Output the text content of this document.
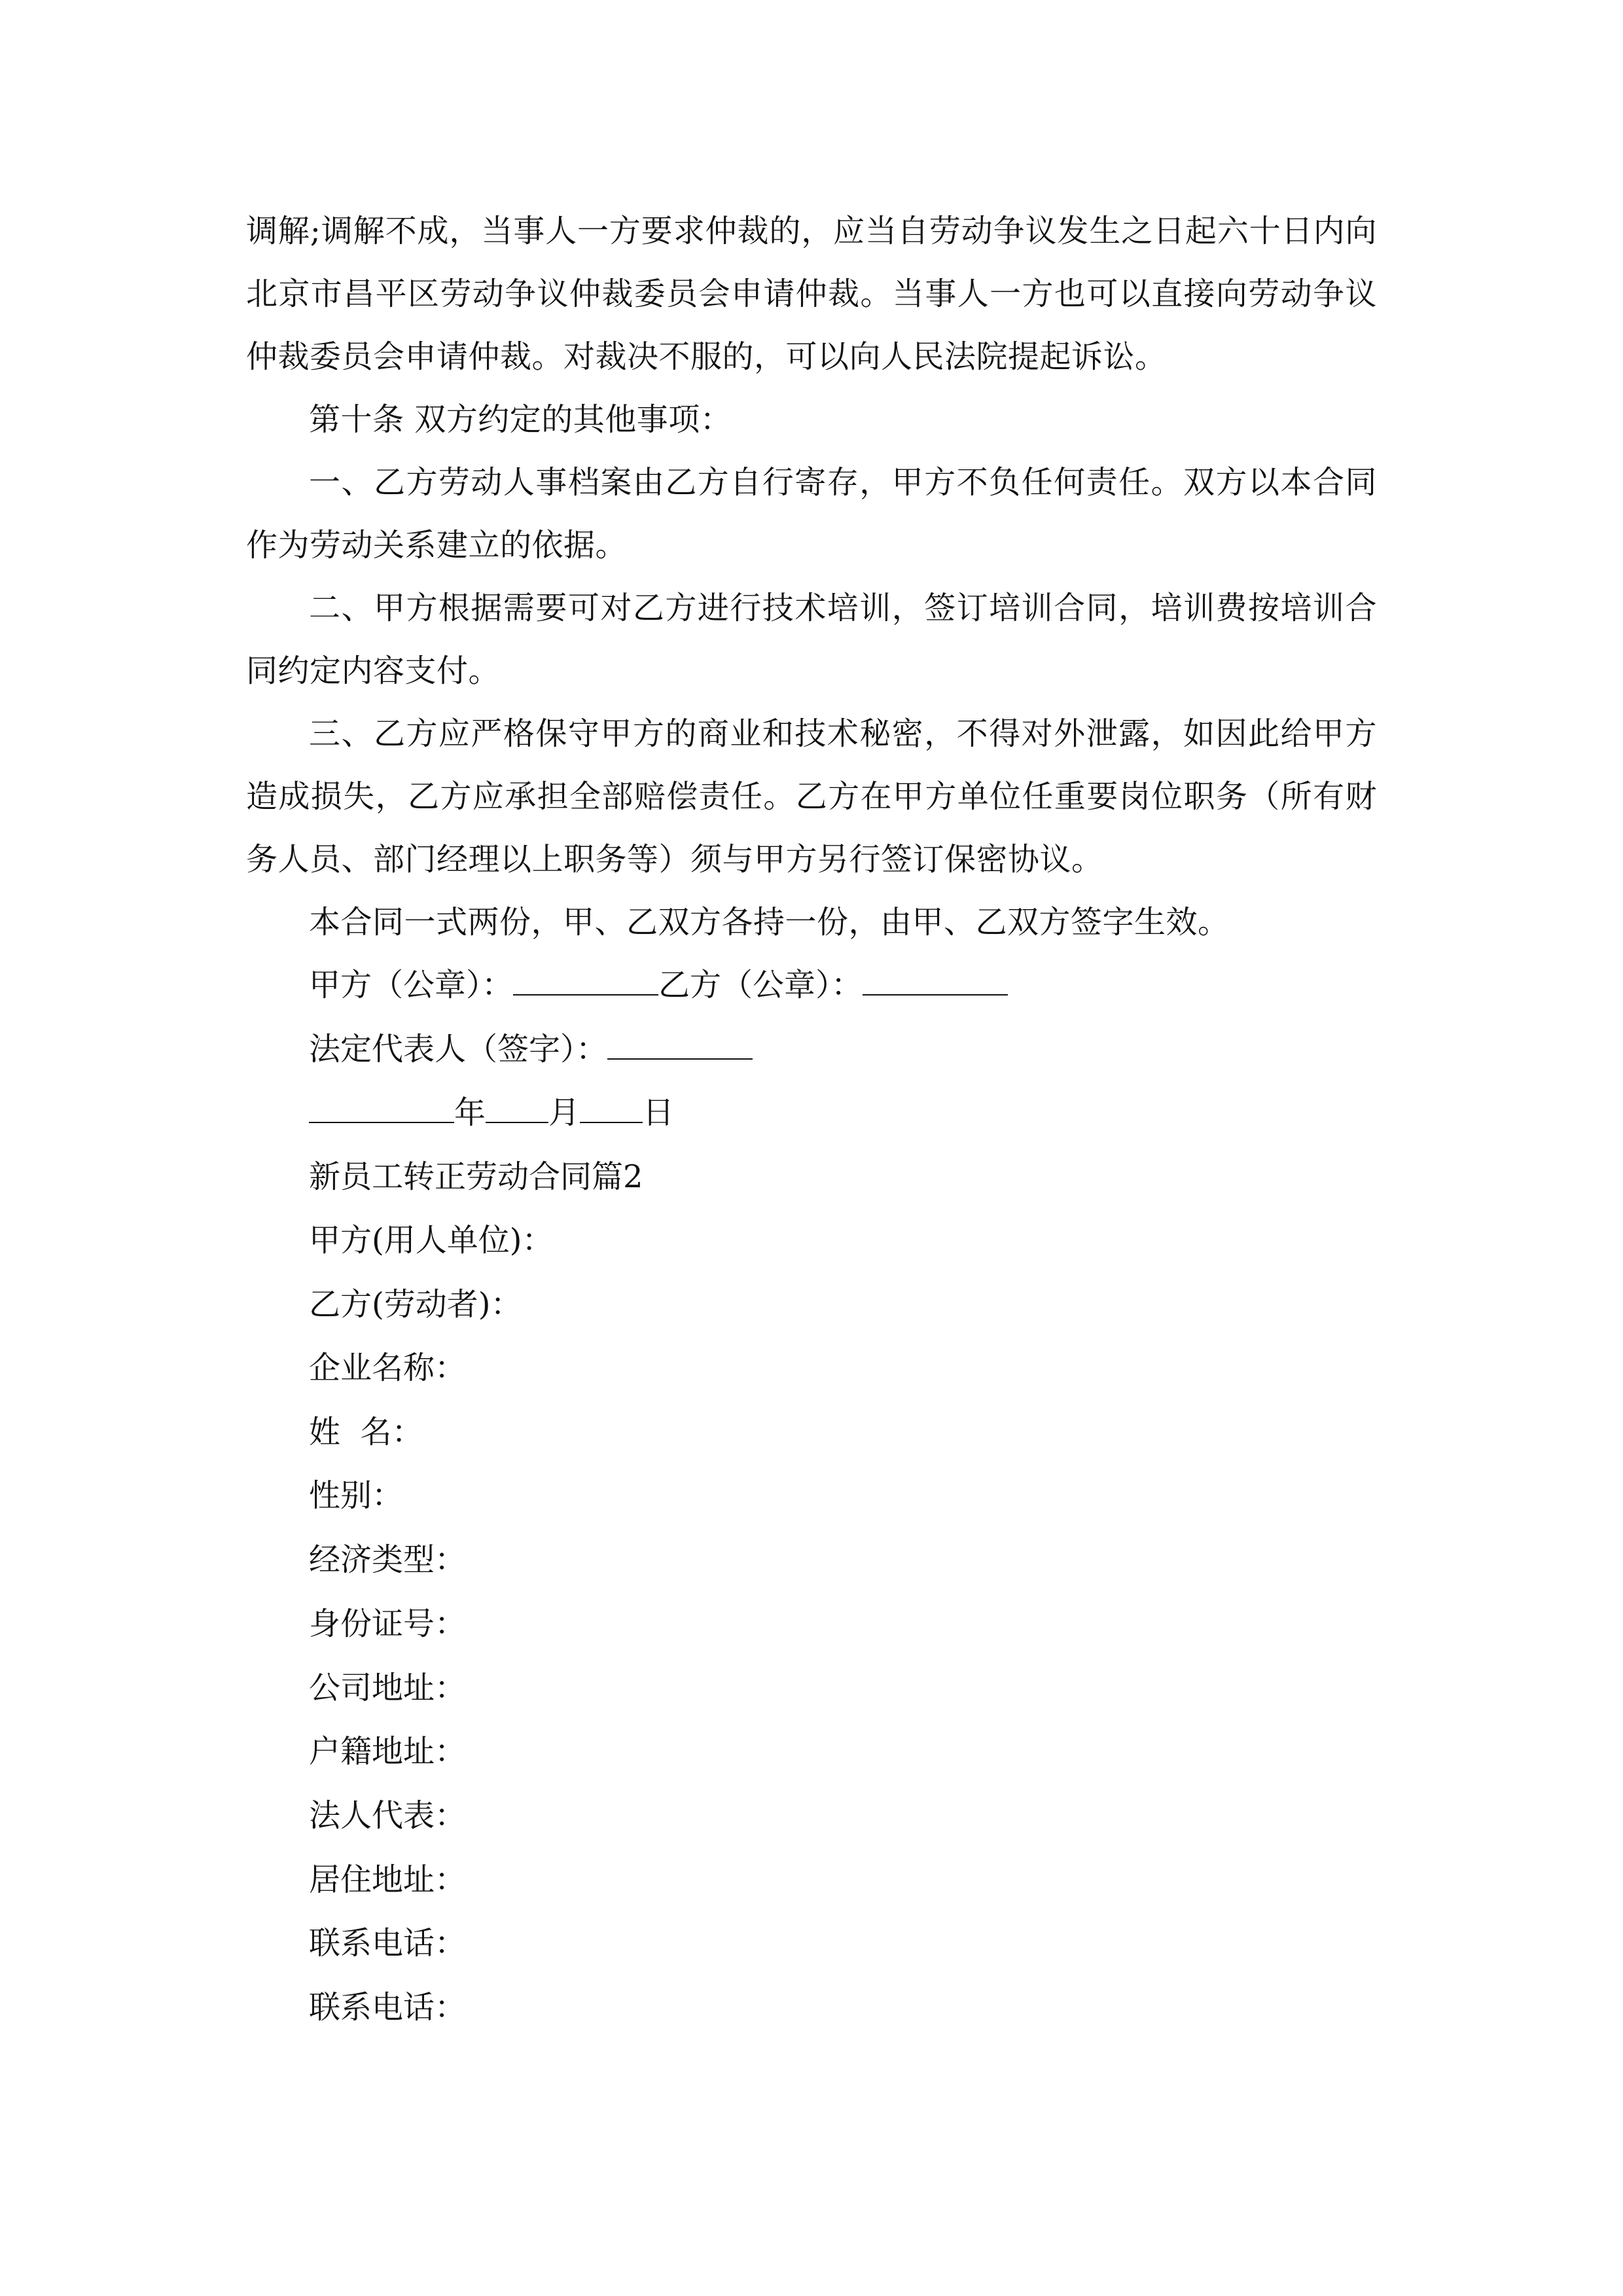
调解;调解不成，当事人一方要求仲裁的，应当自劳动争议发生之日起六十日内向北京市昌平区劳动争议仲裁委员会申请仲裁。当事人一方也可以直接向劳动争议仲裁委员会申请仲裁。对裁决不服的，可以向人民法院提起诉讼。

第十条 双方约定的其他事项：

一、乙方劳动人事档案由乙方自行寄存，甲方不负任何责任。双方以本合同作为劳动关系建立的依据。

二、甲方根据需要可对乙方进行技术培训，签订培训合同，培训费按培训合同约定内容支付。

三、乙方应严格保守甲方的商业和技术秘密，不得对外泄露，如因此给甲方造成损失，乙方应承担全部赔偿责任。乙方在甲方单位任重要岗位职务（所有财务人员、部门经理以上职务等）须与甲方另行签订保密协议。

本合同一式两份，甲、乙双方各持一份，由甲、乙双方签字生效。

甲方（公章）：	乙方（公章）：

法定代表人（签字）：

年 月 日

新员工转正劳动合同篇2

甲方(用人单位)：

乙方(劳动者)：

企业名称：

姓  名：

性别：

经济类型：

身份证号：

公司地址：

户籍地址：

法人代表：

居住地址：

联系电话：

联系电话：
